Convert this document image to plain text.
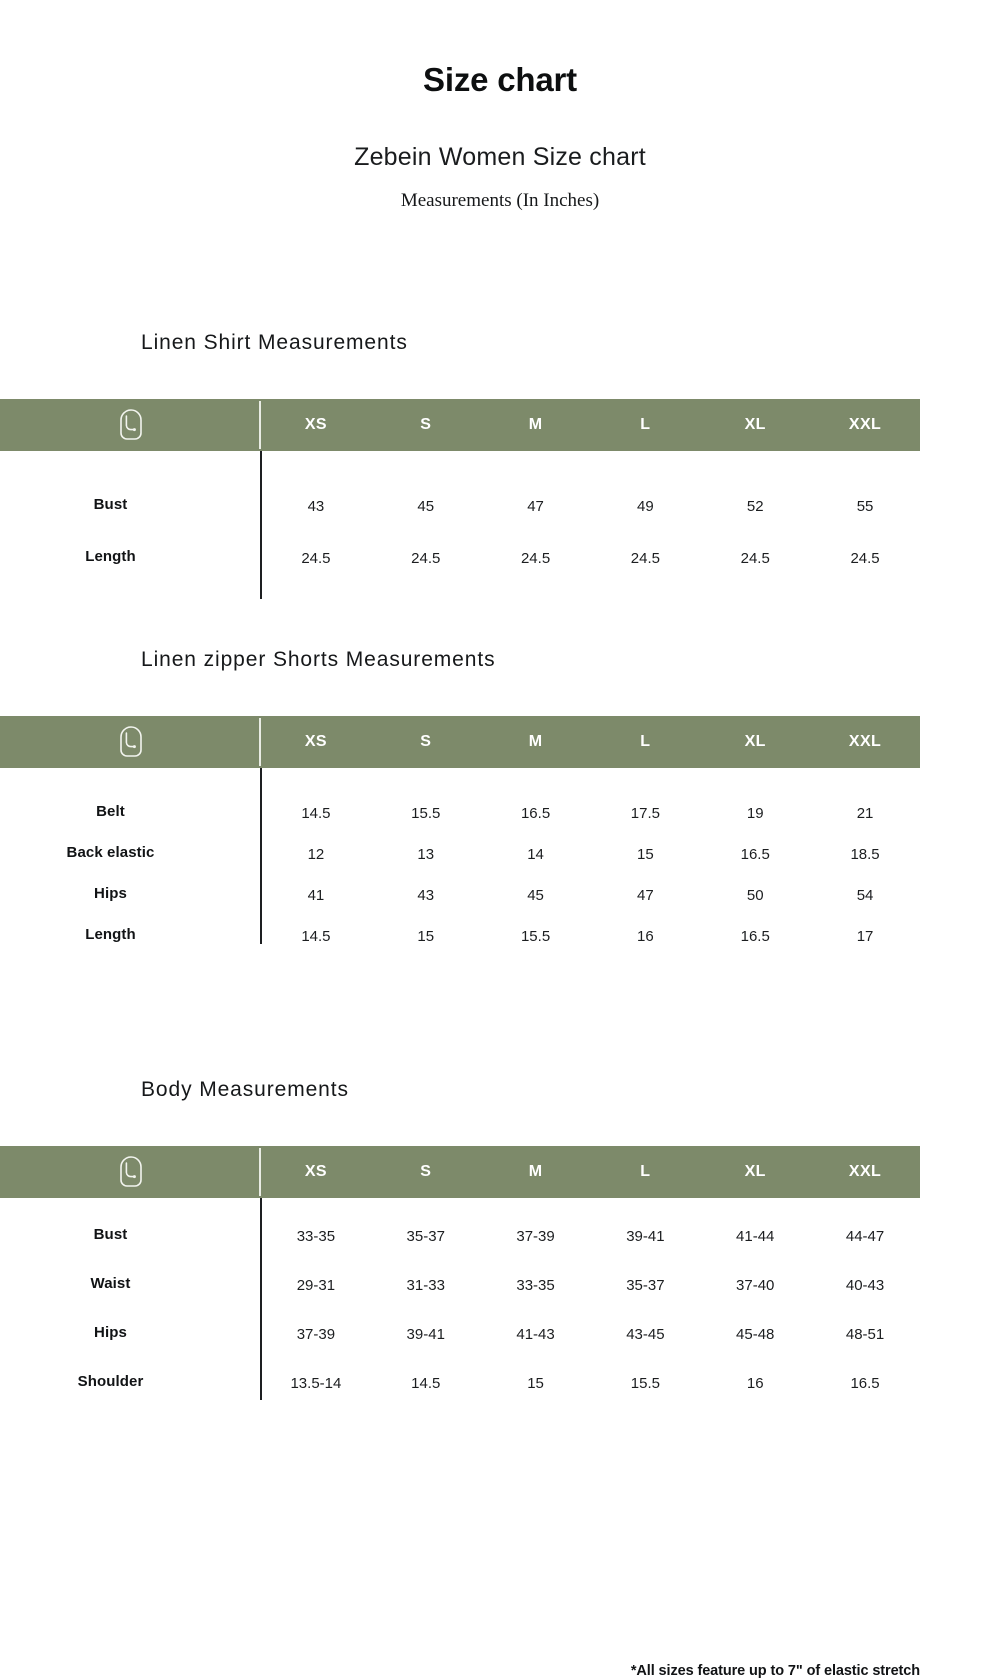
Size chart
Zebein Women Size chart
Measurements (In Inches)
Linen Shirt Measurements
XS	S	M	L	XL	XXL
Bust	43	45	47	49	52	55
Length	24.5	24.5	24.5	24.5	24.5	24.5
Linen zipper Shorts Measurements
XS	S	M	L	XL	XXL
Belt	14.5	15.5	16.5	17.5	19	21
Back elastic	12	13	14	15	16.5	18.5
Hips	41	43	45	47	50	54
Length	14.5	15	15.5	16	16.5	17
*All sizes feature up to 7" of elastic stretch
Body Measurements
XS	S	M	L	XL	XXL
Bust	33-35	35-37	37-39	39-41	41-44	44-47
Waist	29-31	31-33	33-35	35-37	37-40	40-43
Hips	37-39	39-41	41-43	43-45	45-48	48-51
Shoulder	13.5-14	14.5	15	15.5	16	16.5
